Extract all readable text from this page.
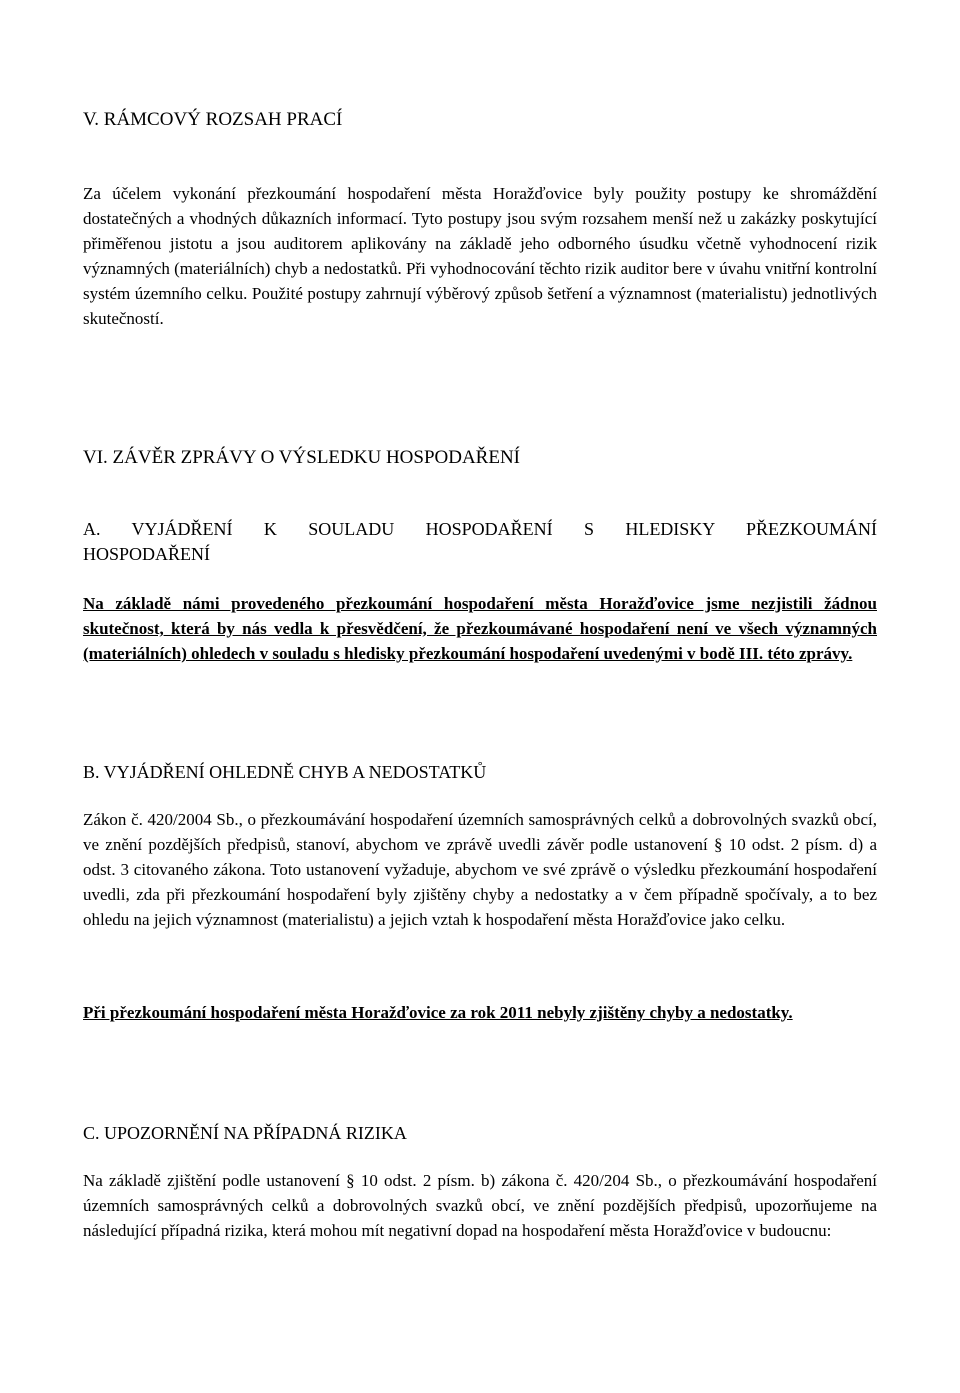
V. RÁMCOVÝ ROZSAH PRACÍ

Za účelem vykonání přezkoumání hospodaření města Horažďovice byly použity postupy ke shromáždění dostatečných a vhodných důkazních informací. Tyto postupy jsou svým rozsahem menší než u zakázky poskytující přiměřenou jistotu a jsou auditorem aplikovány na základě jeho odborného úsudku včetně vyhodnocení rizik významných (materiálních) chyb a nedostatků. Při vyhodnocování těchto rizik auditor bere v úvahu vnitřní kontrolní systém územního celku. Použité postupy zahrnují výběrový způsob šetření a významnost (materialistu) jednotlivých skutečností.

VI. ZÁVĚR ZPRÁVY O VÝSLEDKU HOSPODAŘENÍ

A. VYJÁDŘENÍ K SOULADU HOSPODAŘENÍ S HLEDISKY PŘEZKOUMÁNÍ

HOSPODAŘENÍ

Na základě námi provedeného přezkoumání hospodaření města Horažďovice jsme nezjistili žádnou skutečnost, která by nás vedla k přesvědčení, že přezkoumávané hospodaření není ve všech významných (materiálních) ohledech v souladu s hledisky přezkoumání hospodaření uvedenými v bodě III. této zprávy.

B. VYJÁDŘENÍ OHLEDNĚ CHYB A NEDOSTATKŮ

Zákon č. 420/2004 Sb., o přezkoumávání hospodaření územních samosprávných celků a dobrovolných svazků obcí, ve znění pozdějších předpisů, stanoví, abychom ve zprávě uvedli závěr podle ustanovení § 10 odst. 2 písm. d) a odst. 3 citovaného zákona. Toto ustanovení vyžaduje, abychom ve své zprávě o výsledku přezkoumání hospodaření uvedli, zda při přezkoumání hospodaření byly zjištěny chyby a nedostatky a v čem případně spočívaly, a to bez ohledu na jejich významnost (materialistu) a jejich vztah k hospodaření města Horažďovice jako celku.

Při přezkoumání hospodaření města Horažďovice za rok 2011 nebyly zjištěny chyby a nedostatky.

C. UPOZORNĚNÍ NA PŘÍPADNÁ RIZIKA

Na základě zjištění podle ustanovení § 10 odst. 2 písm. b) zákona č. 420/204 Sb., o přezkoumávání hospodaření územních samosprávných celků a dobrovolných svazků obcí, ve znění pozdějších předpisů, upozorňujeme na následující případná rizika, která mohou mít negativní dopad na hospodaření města Horažďovice v budoucnu:
